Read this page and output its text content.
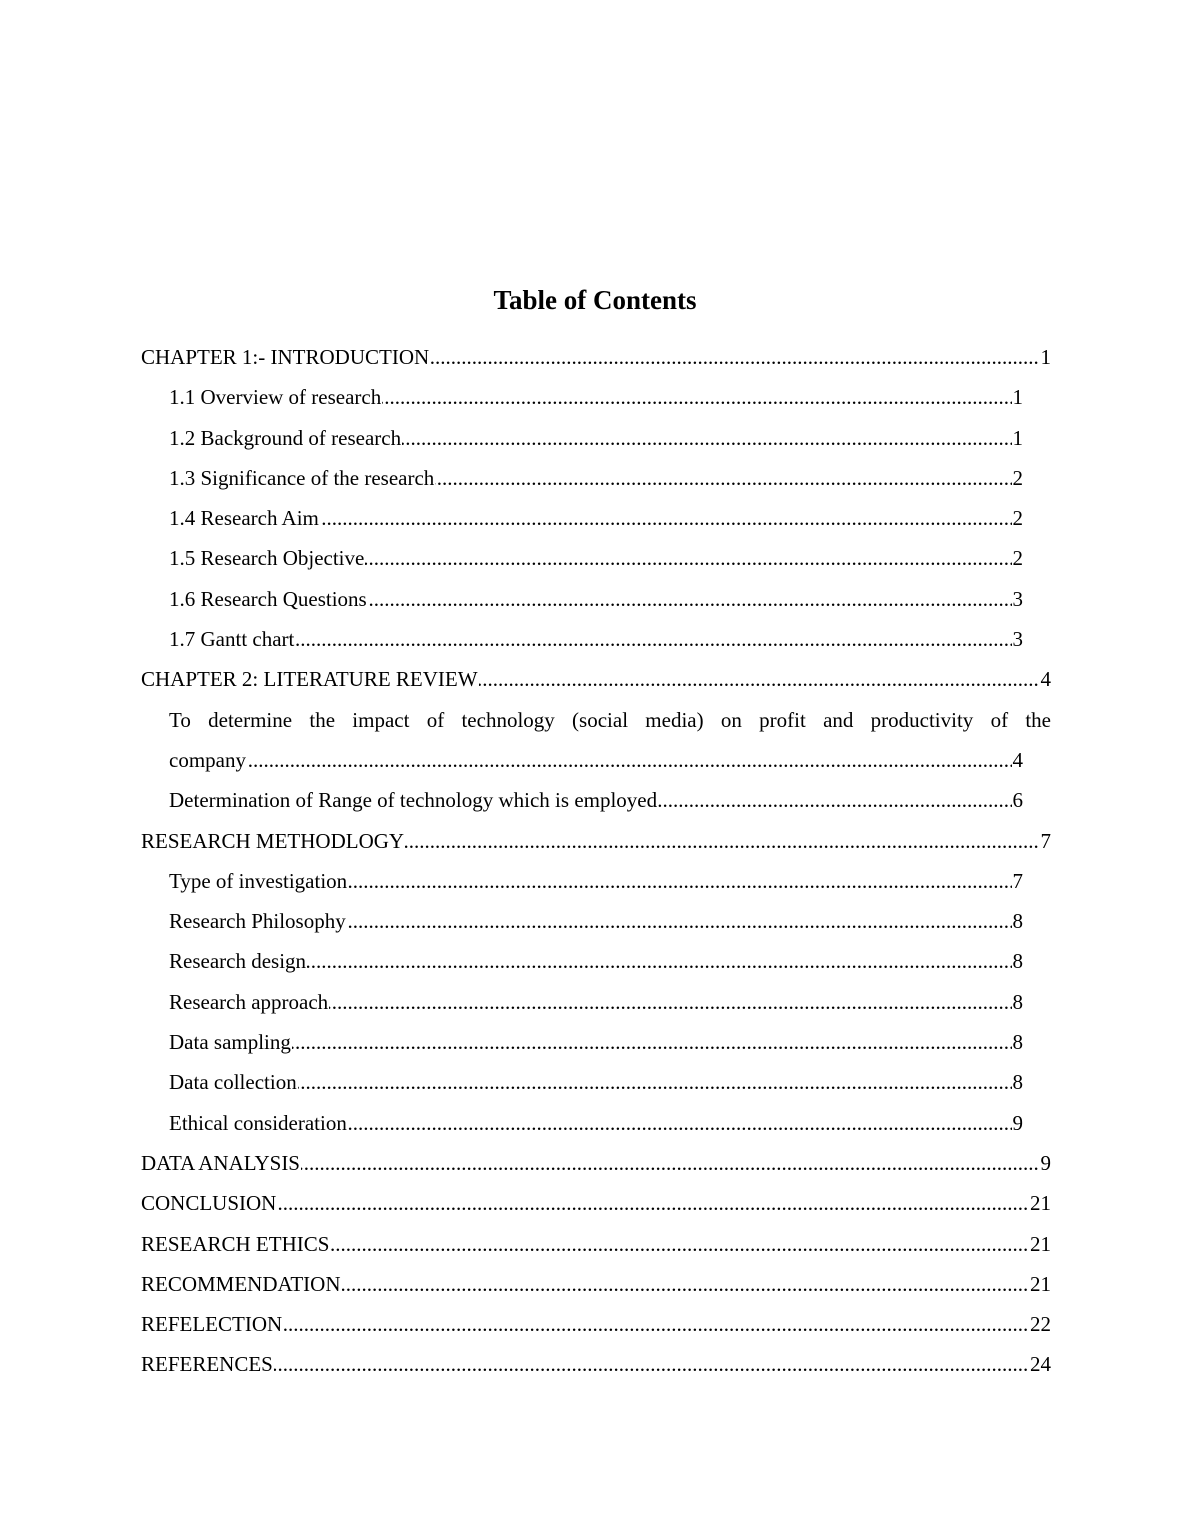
Table of Contents
.....
CHAPTER 1:- INTRODUCTION	1
.....
1.1 Overview of research	1
.....
1.2 Background of research	1
.....
1.3 Significance of the research	2
.....
1.4 Research Aim	2
.....
1.5 Research Objective	2
.....
1.6 Research Questions	3
.....
1.7 Gantt chart	3
.....
CHAPTER 2: LITERATURE REVIEW	4
To determine the impact of technology (social media) on profit and productivity of the
.....
company	4
.....
Determination of Range of technology which is employed	6
.....
RESEARCH METHODLOGY	7
.....
Type of investigation	7
.....
Research Philosophy	8
.....
Research design	8
.....
Research approach	8
.....
Data sampling	8
.....
Data collection	8
.....
Ethical consideration	9
.....
DATA ANALYSIS	9
.....
CONCLUSION	21
.....
RESEARCH ETHICS	21
.....
RECOMMENDATION	21
.....
REFELECTION	22
.....
REFERENCES	24
